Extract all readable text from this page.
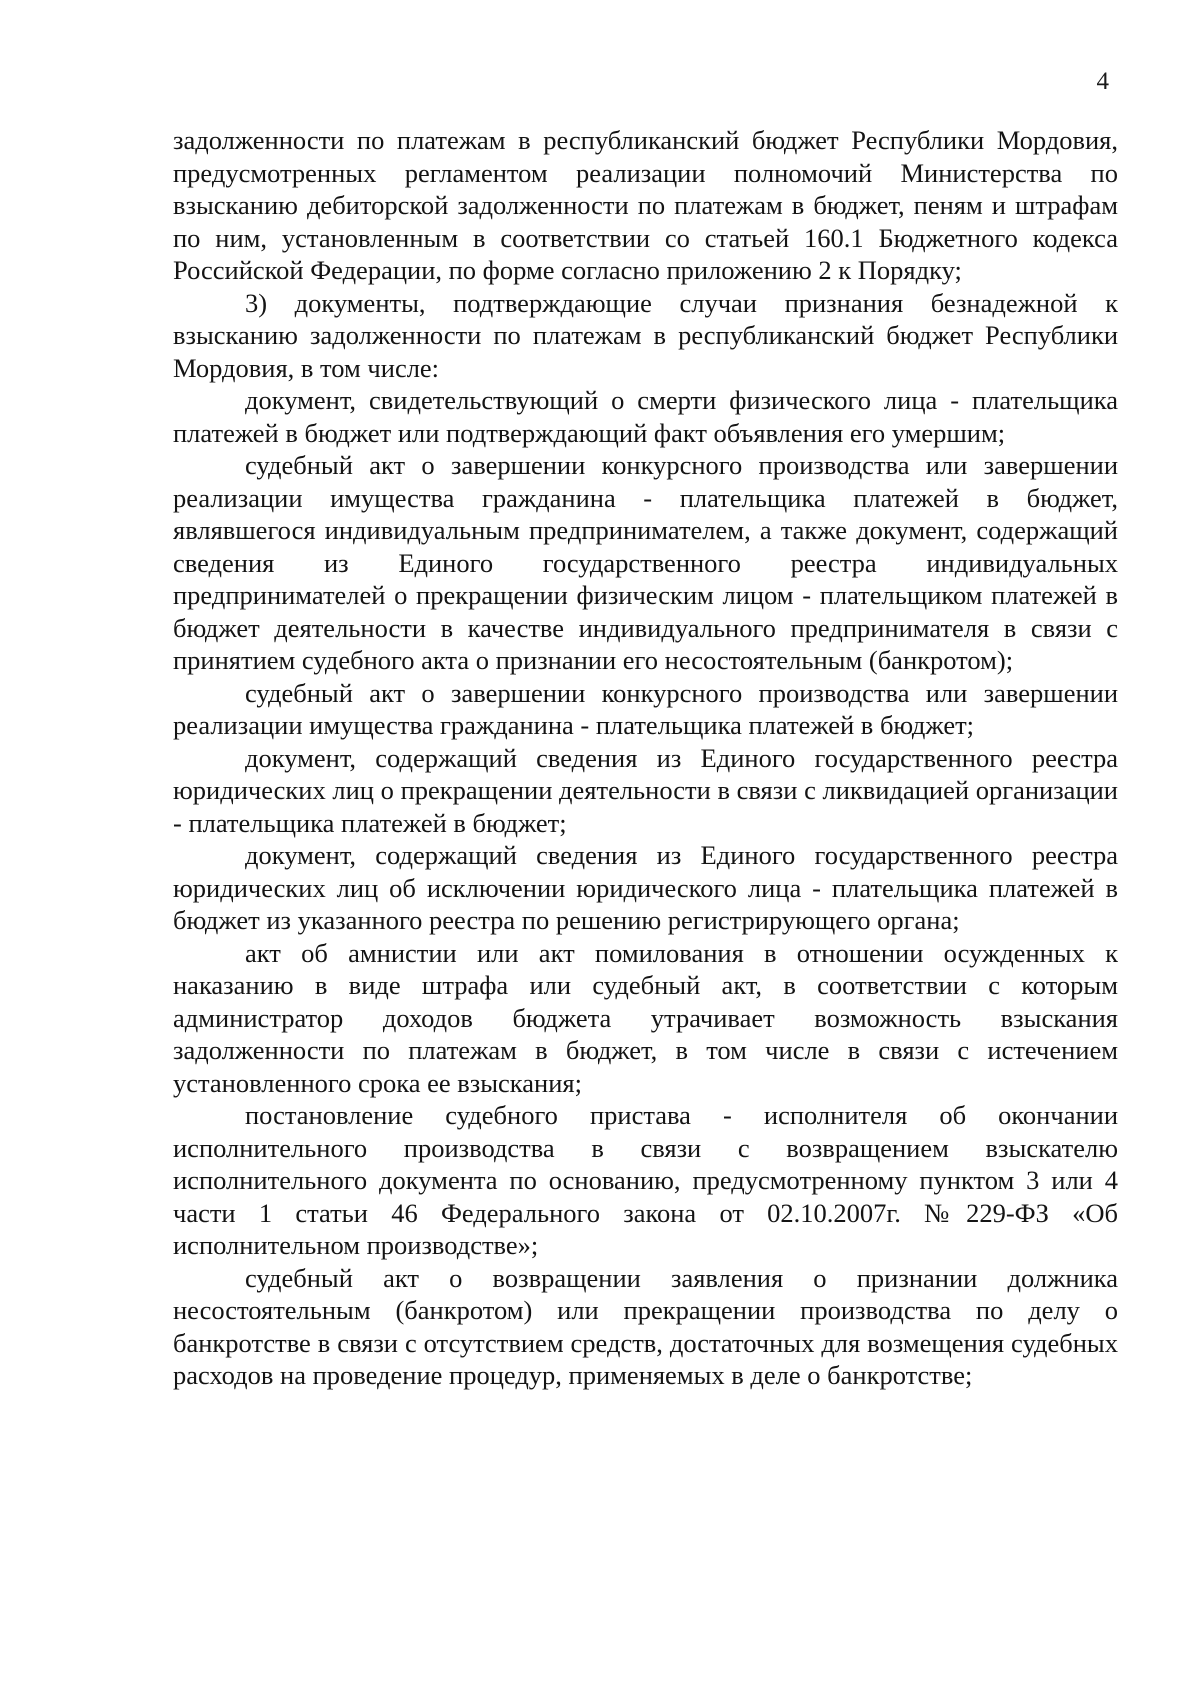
4

задолженности по платежам в республиканский бюджет Республики Мордовия, предусмотренных регламентом реализации полномочий Министерства по взысканию дебиторской задолженности по платежам в бюджет, пеням и штрафам по ним, установленным в соответствии со статьей 160.1 Бюджетного кодекса Российской Федерации, по форме согласно приложению 2 к Порядку;

3) документы, подтверждающие случаи признания безнадежной к взысканию задолженности по платежам в республиканский бюджет Республики Мордовия, в том числе:

документ, свидетельствующий о смерти физического лица - плательщика платежей в бюджет или подтверждающий факт объявления его умершим;

судебный акт о завершении конкурсного производства или завершении реализации имущества гражданина - плательщика платежей в бюджет, являвшегося индивидуальным предпринимателем, а также документ, содержащий сведения из Единого государственного реестра индивидуальных предпринимателей о прекращении физическим лицом - плательщиком платежей в бюджет деятельности в качестве индивидуального предпринимателя в связи с принятием судебного акта о признании его несостоятельным (банкротом);

судебный акт о завершении конкурсного производства или завершении реализации имущества гражданина - плательщика платежей в бюджет;

документ, содержащий сведения из Единого государственного реестра юридических лиц о прекращении деятельности в связи с ликвидацией организации - плательщика платежей в бюджет;

документ, содержащий сведения из Единого государственного реестра юридических лиц об исключении юридического лица - плательщика платежей в бюджет из указанного реестра по решению регистрирующего органа;

акт об амнистии или акт помилования в отношении осужденных к наказанию в виде штрафа или судебный акт, в соответствии с которым администратор доходов бюджета утрачивает возможность взыскания задолженности по платежам в бюджет, в том числе в связи с истечением установленного срока ее взыскания;

постановление судебного пристава - исполнителя об окончании исполнительного производства в связи с возвращением взыскателю исполнительного документа по основанию, предусмотренному пунктом 3 или 4 части 1 статьи 46 Федерального закона от 02.10.2007г. №229-ФЗ «Об исполнительном производстве»;

судебный акт о возвращении заявления о признании должника несостоятельным (банкротом) или прекращении производства по делу о банкротстве в связи с отсутствием средств, достаточных для возмещения судебных расходов на проведение процедур, применяемых в деле о банкротстве;
